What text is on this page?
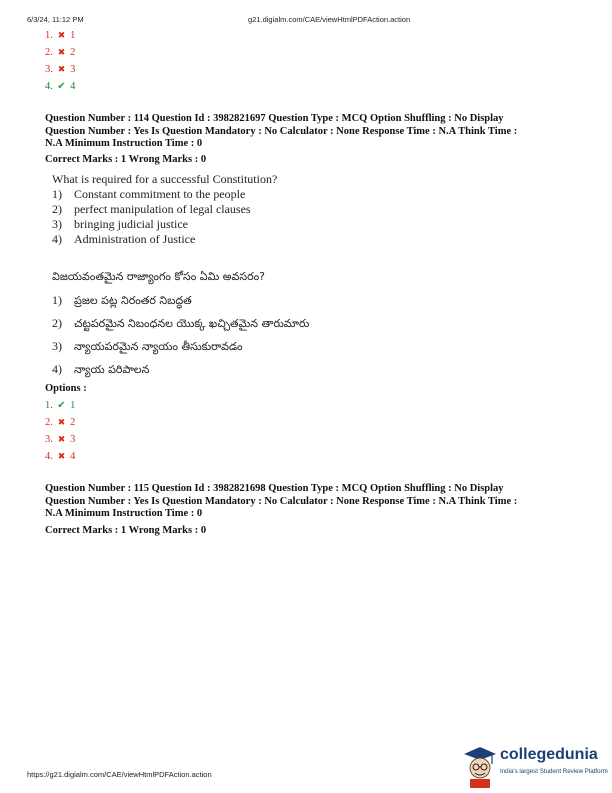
6/3/24, 11:12 PM	g21.digialm.com/CAE/viewHtmlPDFAction.action
1. ✖ 1
2. ✖ 2
3. ✖ 3
4. ✔ 4
Question Number : 114 Question Id : 3982821697 Question Type : MCQ Option Shuffling : No Display
Question Number : Yes Is Question Mandatory : No Calculator : None Response Time : N.A Think Time :
N.A Minimum Instruction Time : 0
Correct Marks : 1 Wrong Marks : 0
What is required for a successful Constitution?
1) Constant commitment to the people
2) perfect manipulation of legal clauses
3) bringing judicial justice
4) Administration of Justice
విజయవంతమైన రాజ్యాంగం కోసం ఏమి అవసరం?
1) ప్రజల పట్ల నిరంతర నిబద్ధత
2) చట్టపరమైన నిబంధనల యొక్క ఖచ్చితమైన తారుమారు
3) న్యాయపరమైన న్యాయం తీసుకురావడం
4) న్యాయ పరిపాలన
Options :
1. ✔ 1
2. ✖ 2
3. ✖ 3
4. ✖ 4
Question Number : 115 Question Id : 3982821698 Question Type : MCQ Option Shuffling : No Display
Question Number : Yes Is Question Mandatory : No Calculator : None Response Time : N.A Think Time :
N.A Minimum Instruction Time : 0
Correct Marks : 1 Wrong Marks : 0
https://g21.digialm.com/CAE/viewHtmlPDFAction.action
collegedunia
India's largest Student Review Platform
